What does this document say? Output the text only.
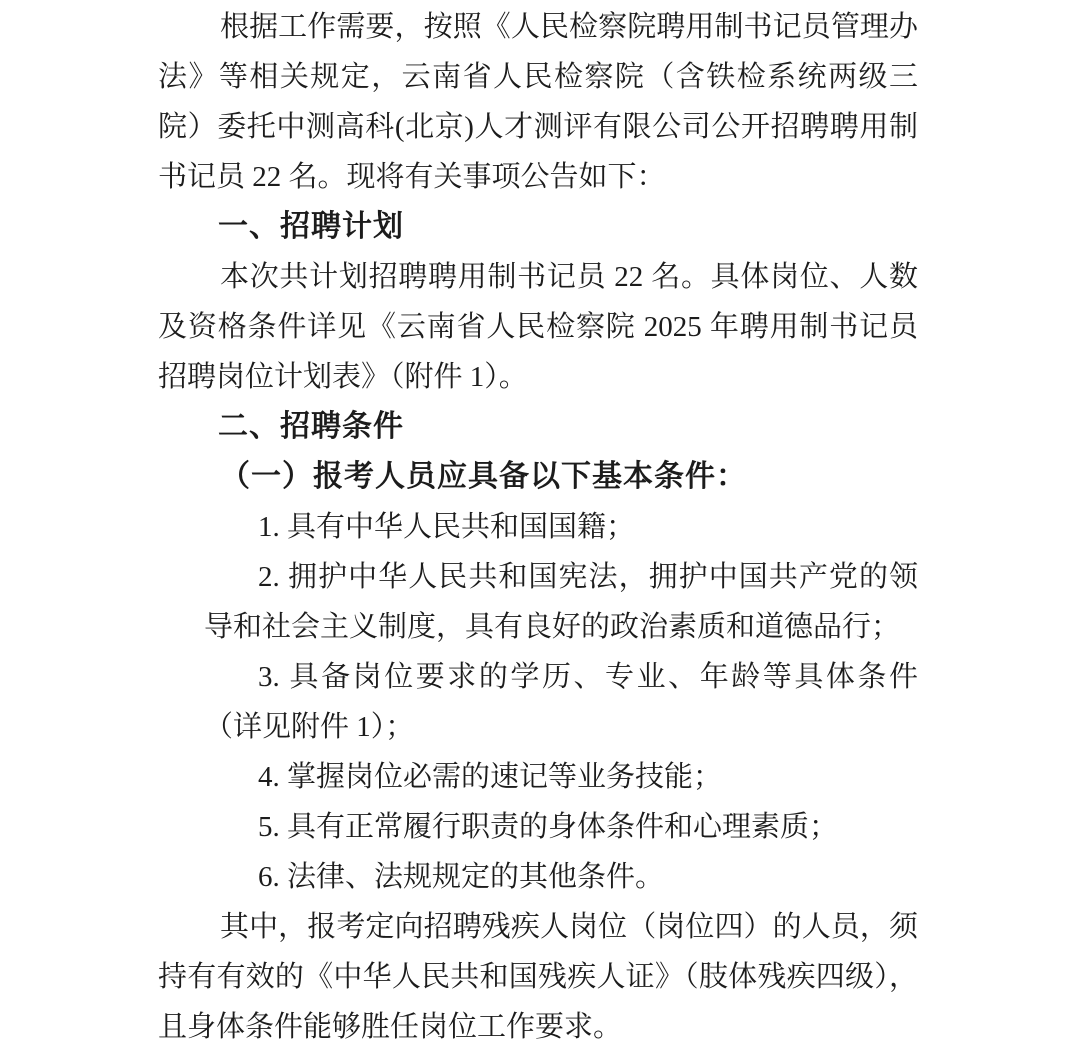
根据工作需要，按照《人民检察院聘用制书记员管理办法》等相关规定，云南省人民检察院（含铁检系统两级三院）委托中测高科(北京)人才测评有限公司公开招聘聘用制书记员 22 名。现将有关事项公告如下：

一、招聘计划

本次共计划招聘聘用制书记员 22 名。具体岗位、人数及资格条件详见《云南省人民检察院 2025 年聘用制书记员招聘岗位计划表》（附件 1）。

二、招聘条件

（一）报考人员应具备以下基本条件：

1. 具有中华人民共和国国籍；

2. 拥护中华人民共和国宪法，拥护中国共产党的领导和社会主义制度，具有良好的政治素质和道德品行；

3. 具备岗位要求的学历、专业、年龄等具体条件（详见附件 1）；

4. 掌握岗位必需的速记等业务技能；

5. 具有正常履行职责的身体条件和心理素质；

6. 法律、法规规定的其他条件。

其中，报考定向招聘残疾人岗位（岗位四）的人员，须持有有效的《中华人民共和国残疾人证》（肢体残疾四级），且身体条件能够胜任岗位工作要求。
